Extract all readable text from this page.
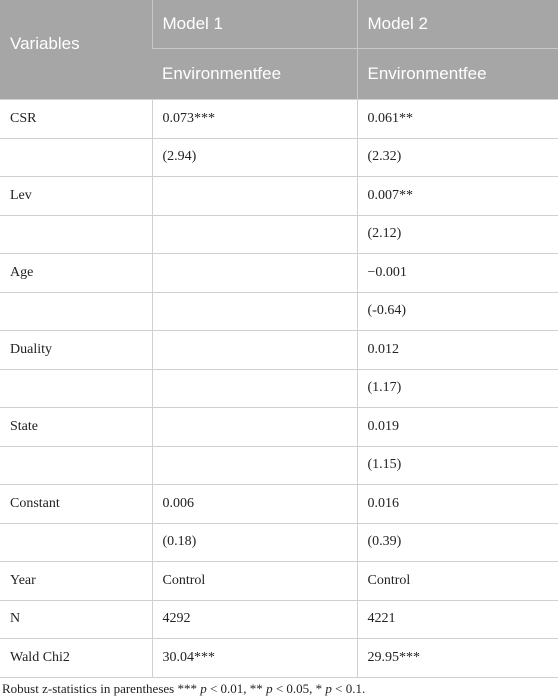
Variables	Model 1	Model 2
	Environmentfee	Environmentfee
CSR	0.073***	0.061**
	(2.94)	(2.32)
Lev		0.007**
		(2.12)
Age		−0.001
		(-0.64)
Duality		0.012
		(1.17)
State		0.019
		(1.15)
Constant	0.006	0.016
	(0.18)	(0.39)
Year	Control	Control
N	4292	4221
Wald Chi2	30.04***	29.95***
Robust z-statistics in parentheses *** p < 0.01, ** p < 0.05, * p < 0.1.
